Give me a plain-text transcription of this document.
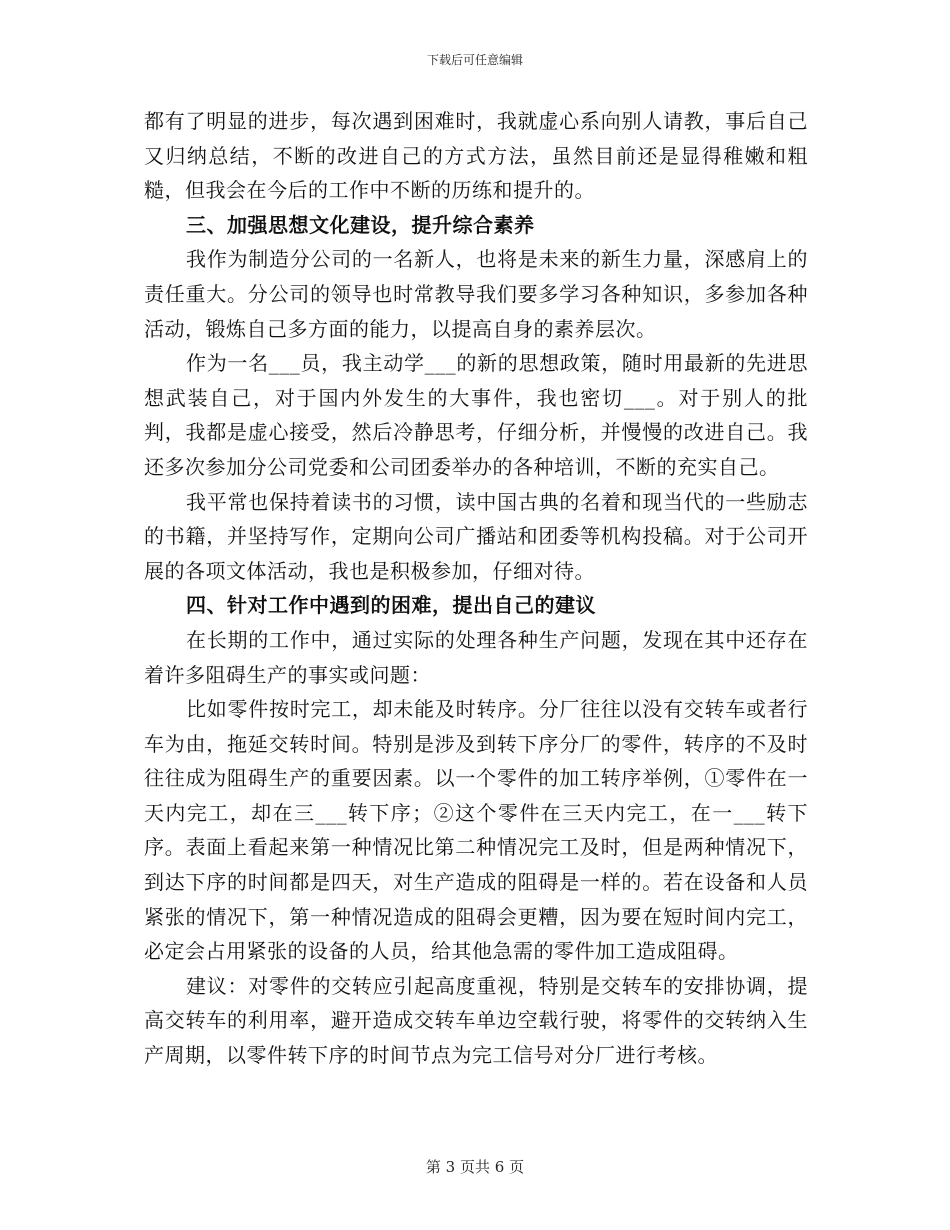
下载后可任意编辑

都有了明显的进步，每次遇到困难时，我就虚心系向别人请教，事后自己又归纳总结，不断的改进自己的方式方法，虽然目前还是显得稚嫩和粗糙，但我会在今后的工作中不断的历练和提升的。

三、加强思想文化建设，提升综合素养

我作为制造分公司的一名新人，也将是未来的新生力量，深感肩上的责任重大。分公司的领导也时常教导我们要多学习各种知识，多参加各种活动，锻炼自己多方面的能力，以提高自身的素养层次。

作为一名___员，我主动学___的新的思想政策，随时用最新的先进思想武装自己，对于国内外发生的大事件，我也密切___。对于别人的批判，我都是虚心接受，然后冷静思考，仔细分析，并慢慢的改进自己。我还多次参加分公司党委和公司团委举办的各种培训，不断的充实自己。

我平常也保持着读书的习惯，读中国古典的名着和现当代的一些励志的书籍，并坚持写作，定期向公司广播站和团委等机构投稿。对于公司开展的各项文体活动，我也是积极参加，仔细对待。

四、针对工作中遇到的困难，提出自己的建议

在长期的工作中，通过实际的处理各种生产问题，发现在其中还存在着许多阻碍生产的事实或问题：

比如零件按时完工，却未能及时转序。分厂往往以没有交转车或者行车为由，拖延交转时间。特别是涉及到转下序分厂的零件，转序的不及时往往成为阻碍生产的重要因素。以一个零件的加工转序举例，①零件在一天内完工，却在三___转下序；②这个零件在三天内完工，在一___转下序。表面上看起来第一种情况比第二种情况完工及时，但是两种情况下，到达下序的时间都是四天，对生产造成的阻碍是一样的。若在设备和人员紧张的情况下，第一种情况造成的阻碍会更糟，因为要在短时间内完工，必定会占用紧张的设备的人员，给其他急需的零件加工造成阻碍。

建议：对零件的交转应引起高度重视，特别是交转车的安排协调，提高交转车的利用率，避开造成交转车单边空载行驶，将零件的交转纳入生产周期，以零件转下序的时间节点为完工信号对分厂进行考核。

第 3 页共 6 页
